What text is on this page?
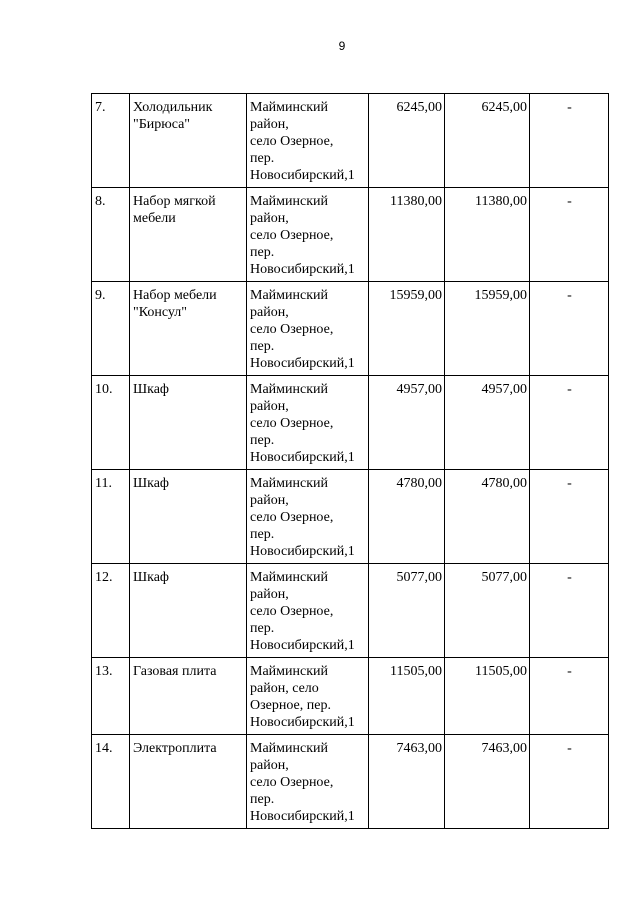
9
7.	Холодильник "Бирюса"	Майминский
район,
село Озерное,
пер.
Новосибирский,1	6245,00	6245,00	-
8.	Набор мягкой мебели	Майминский
район,
село Озерное,
пер.
Новосибирский,1	11380,00	11380,00	-
9.	Набор мебели "Консул"	Майминский
район,
село Озерное,
пер.
Новосибирский,1	15959,00	15959,00	-
10.	Шкаф	Майминский
район,
село Озерное,
пер.
Новосибирский,1	4957,00	4957,00	-
11.	Шкаф	Майминский
район,
село Озерное,
пер.
Новосибирский,1	4780,00	4780,00	-
12.	Шкаф	Майминский
район,
село Озерное,
пер.
Новосибирский,1	5077,00	5077,00	-
13.	Газовая плита	Майминский
район, село
Озерное, пер.
Новосибирский,1	11505,00	11505,00	-
14.	Электроплита	Майминский
район,
село Озерное,
пер.
Новосибирский,1	7463,00	7463,00	-
